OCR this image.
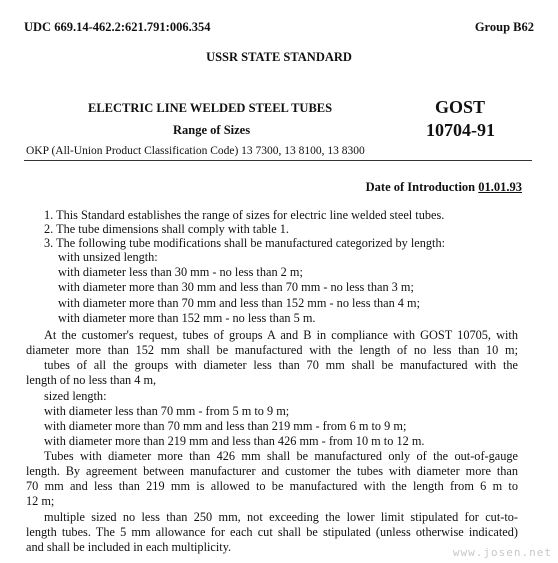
UDC 669.14-462.2:621.791:006.354	Group B62
USSR STATE STANDARD
ELECTRIC LINE WELDED STEEL TUBES
Range of Sizes
GOST
10704-91
OKP (All-Union Product Classification Code) 13 7300, 13 8100, 13 8300
Date of Introduction 01.01.93
1. This Standard establishes the range of sizes for electric line welded steel tubes.
2. The tube dimensions shall comply with table 1.
3. The following tube modifications shall be manufactured categorized by length:
with unsized length:
with diameter less than 30 mm - no less than 2 m;
with diameter more than 30 mm and less than 70 mm - no less than 3 m;
with diameter more than 70 mm and less than 152 mm - no less than 4 m;
with diameter more than 152 mm - no less than 5 m.
At the customer's request, tubes of groups A and B in compliance with GOST 10705, with
diameter more than 152 mm shall be manufactured with the length of no less than 10 m;
tubes of all the groups with diameter less than 70 mm shall be manufactured with the
length of no less than 4 m,
sized length:
with diameter less than 70 mm - from 5 m to 9 m;
with diameter more than 70 mm and less than 219 mm - from 6 m to 9 m;
with diameter more than 219 mm and less than 426 mm - from 10 m to 12 m.
Tubes with diameter more than 426 mm shall be manufactured only of the out-of-gauge
length. By agreement between manufacturer and customer the tubes with diameter more than
70 mm and less than 219 mm is allowed to be manufactured with the length from 6 m to
12 m;
multiple sized no less than 250 mm, not exceeding the lower limit stipulated for cut-to-
length tubes. The 5 mm allowance for each cut shall be stipulated (unless otherwise indicated)
and shall be included in each multiplicity.	www.josen.net
